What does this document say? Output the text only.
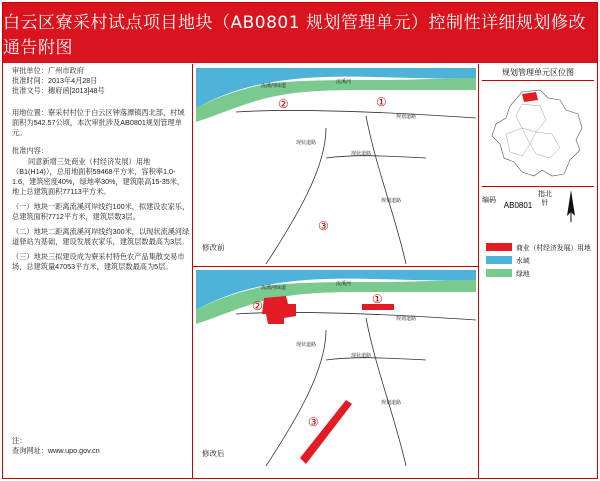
白云区寮采村试点项目地块（AB0801 规划管理单元）控制性详细规划修改通告附图

审批单位：广州市政府

批准时间：2013年4月28日

批准文号：穗府函[2013]48号

用地位置：寮采村村位于白云区钟落潭镇西北部，村域面积为542.57公顷，本次审批涉及AB0801规划管理单元。

批准内容：

同意新增三处商业（村经济发展）用地（B1(H14)），总用地面积59468平方米，容积率1.0-1.6，建筑密度40%，绿地率30%，建筑限高15-35米，地上总建筑面积77113平方米。

（一）地块一距离流溪河岸线约100米，拟建设农家乐，总建筑面积7712平方米，建筑层数3层。

（二）地块二距离流溪河岸线约300米，以现状流溪河绿道驿站为基础，建设发展农家乐，建筑层数最高为3层。

（三）地块三拟建设成为寮采村特色农产品集散交易市场，总建筑量47053平方米，建筑层数最高为5层。

注：

查询网址：www.upo.gov.cn

流溪河绿道
流溪河
规划道路
现状道路
现状道路
规划道路
①
②
③
修改前
流溪河绿道
流溪河
规划道路
现状道路
现状道路
规划道路
①
②
③
修改后
规划管理单元区位图
编码
AB0801
指北针
商业（村经济发展）用地
水域
绿地
